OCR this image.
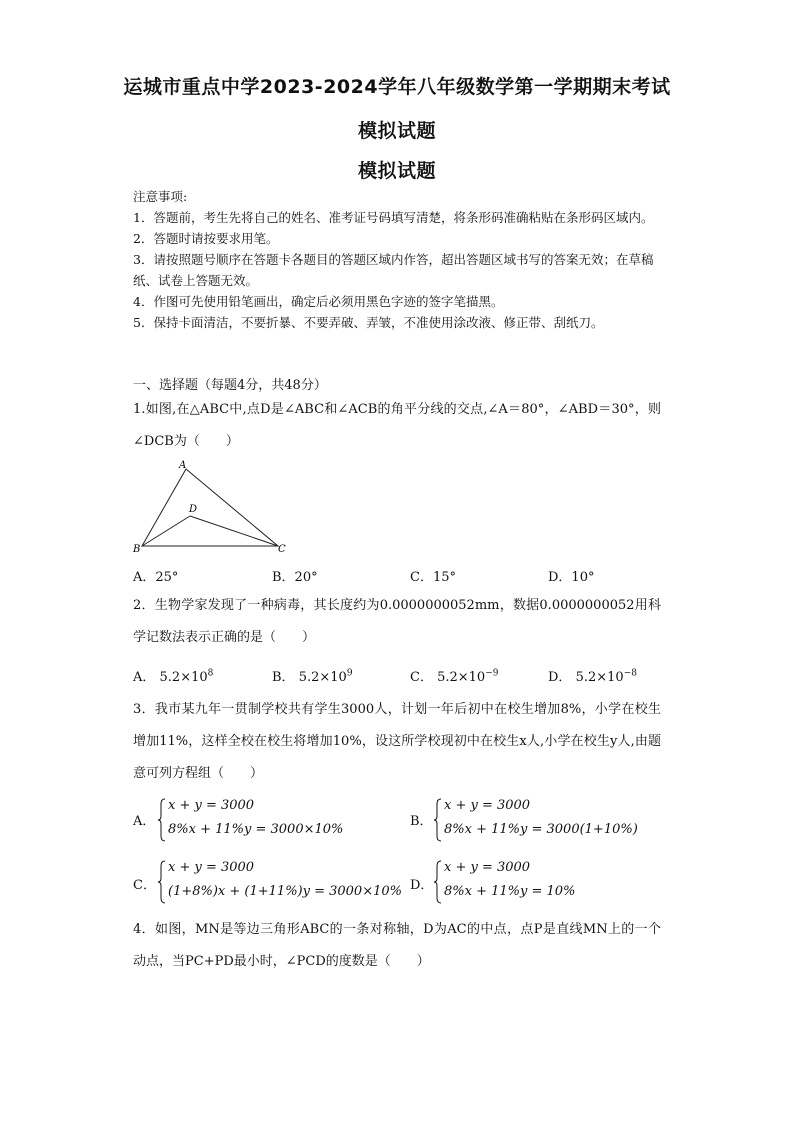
运城市重点中学2023-2024学年八年级数学第一学期期末考试
模拟试题
模拟试题
注意事项:
1．答题前，考生先将自己的姓名、准考证号码填写清楚，将条形码准确粘贴在条形码区域内。
2．答题时请按要求用笔。
3．请按照题号顺序在答题卡各题目的答题区域内作答，超出答题区域书写的答案无效；在草稿纸、试卷上答题无效。
4．作图可先使用铅笔画出，确定后必须用黑色字迹的签字笔描黑。
5．保持卡面清洁，不要折暴、不要弄破、弄皱，不准使用涂改液、修正带、刮纸刀。
一、选择题（每题4分，共48分）
1.如图,在△ABC中,点D是∠ABC和∠ACB的角平分线的交点,∠A＝80°，∠ABD＝30°，则∠DCB为（　　）
A
B	C
D
A．25°	B．20°	C．15°	D．10°
2．生物学家发现了一种病毒，其长度约为0.0000000052mm，数据0.0000000052用科学记数法表示正确的是（　　）
A． $5.2\times 10^8$	B． $5.2\times 10^9$	C． $5.2\times 10^{-9}$	D． $5.2\times 10^{-8}$
3．我市某九年一贯制学校共有学生3000人，计划一年后初中在校生增加8%，小学在校生增加11%，这样全校在校生将增加10%，设这所学校现初中在校生x人,小学在校生y人,由题意可列方程组（　　）
A．
x + y = 3000
8%x + 11%y = 3000×10%
B．
x + y = 3000
8%x + 11%y = 3000(1+10%)
C．
x + y = 3000
(1+8%)x + (1+11%)y = 3000×10% D．
x + y = 3000
8%x + 11%y = 10%
4．如图，MN是等边三角形ABC的一条对称轴，D为AC的中点，点P是直线MN上的一个动点，当PC+PD最小时，∠PCD的度数是（　　）
